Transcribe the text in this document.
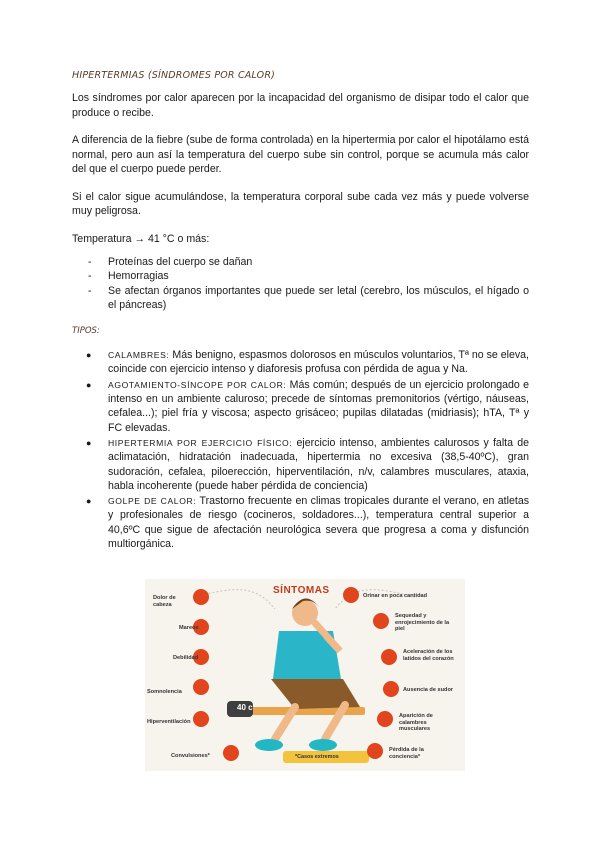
HIPERTERMIAS (SÍNDROMES POR CALOR)

Los síndromes por calor aparecen por la incapacidad del organismo de disipar todo el calor que produce o recibe.

A diferencia de la fiebre (sube de forma controlada) en la hipertermia por calor el hipotálamo está normal, pero aun así la temperatura del cuerpo sube sin control, porque se acumula más calor del que el cuerpo puede perder.

Si el calor sigue acumulándose, la temperatura corporal sube cada vez más y puede volverse muy peligrosa.

Temperatura → 41 °C o más:

- Proteínas del cuerpo se dañan
- Hemorragias
- Se afectan órganos importantes que puede ser letal (cerebro, los músculos, el hígado o el páncreas)
TIPOS:
● CALAMBRES: Más benigno, espasmos dolorosos en músculos voluntarios, Tª no se eleva, coincide con ejercicio intenso y diaforesis profusa con pérdida de agua y Na.
● AGOTAMIENTO-SÍNCOPE POR CALOR: Más común; después de un ejercicio prolongado e intenso en un ambiente caluroso; precede de síntomas premonitorios (vértigo, náuseas, cefalea...); piel fría y viscosa; aspecto grisáceo; pupilas dilatadas (midriasis); hTA, Tª y FC elevadas.
● HIPERTERMIA POR EJERCICIO FÍSICO: ejercicio intenso, ambientes calurosos y falta de aclimatación, hidratación inadecuada, hipertermia no excesiva (38,5-40ºC), gran sudoración, cefalea, piloerección, hiperventilación, n/v, calambres musculares, ataxia, habla incoherente (puede haber pérdida de conciencia)
● GOLPE DE CALOR: Trastorno frecuente en climas tropicales durante el verano, en atletas y profesionales de riesgo (cocineros, soldadores...), temperatura central superior a 40,6ºC que sigue de afectación neurológica severa que progresa a coma y disfunción multiorgánica.
SÍNTOMAS
40 c
Dolor de cabeza
Mareos
Debilidad
Somnolencia
Hiperventilación
Convulsiones*
Orinar en poca cantidad
Sequedad y enrojecimiento de la piel
Aceleración de los latidos del corazón
Ausencia de sudor
Aparición de calambres musculares
Pérdida de la conciencia*
*Casos extremos
